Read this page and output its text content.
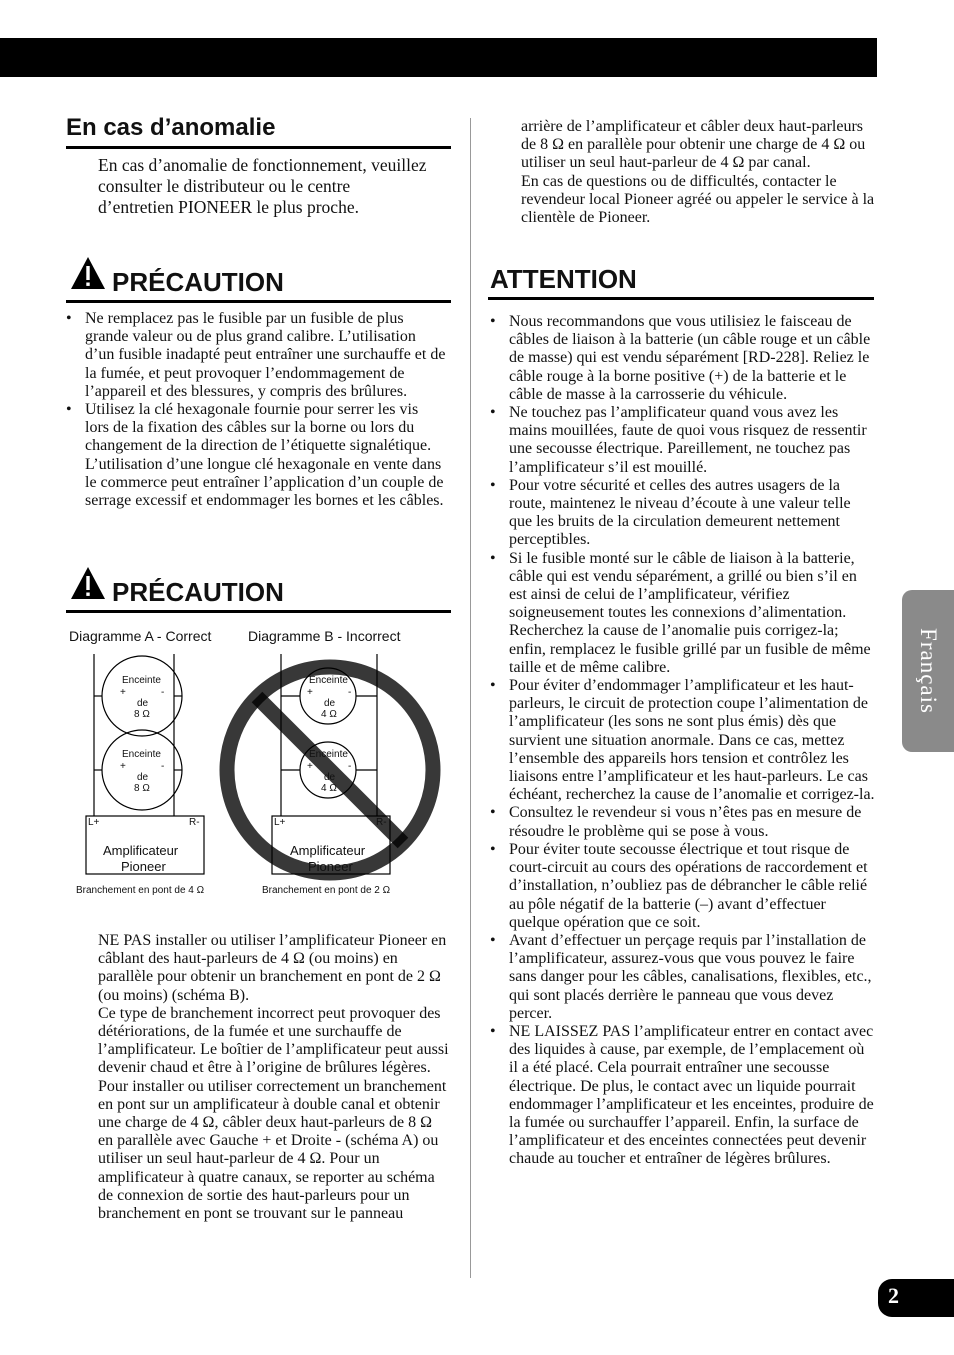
En cas d’anomalie

En cas d’anomalie de fonctionnement, veuillez consulter le distributeur ou le centre d’entretien PIONEER le plus proche.

PRÉCAUTION
• Ne remplacez pas le fusible par un fusible de plus grande valeur ou de plus grand calibre. L’utilisation d’un fusible inadapté peut entraîner une surchauffe et de la fumée, et peut provoquer l’endommagement de l’appareil et des blessures, y compris des brûlures.
• Utilisez la clé hexagonale fournie pour serrer les vis lors de la fixation des câbles sur la borne ou lors du changement de la direction de l’étiquette signalétique. L’utilisation d’une longue clé hexagonale en vente dans le commerce peut entraîner l’application d’un couple de serrage excessif et endommager les bornes et les câbles.
PRÉCAUTION
Diagramme A - Correct	Diagramme B - Incorrect
Enceinte
+	-
de
8 Ω
Enceinte
+	-
de
8 Ω
L+	R-
Amplificateur
Pioneer
Branchement en pont de 4 Ω
Enceinte
+	-
de
4 Ω
Enceinte
+	-
de
4 Ω
L+	R-
Amplificateur
Pioneer
Branchement en pont de 2 Ω

NE PAS installer ou utiliser l’amplificateur Pioneer en câblant des haut-parleurs de 4 Ω (ou moins) en parallèle pour obtenir un branchement en pont de 2 Ω (ou moins) (schéma B).
Ce type de branchement incorrect peut provoquer des détériorations, de la fumée et une surchauffe de l’amplificateur. Le boîtier de l’amplificateur peut aussi devenir chaud et être à l’origine de brûlures légères.
Pour installer ou utiliser correctement un branchement en pont sur un amplificateur à double canal et obtenir une charge de 4 Ω, câbler deux haut-parleurs de 8 Ω en parallèle avec Gauche + et Droite - (schéma A) ou utiliser un seul haut-parleur de 4 Ω. Pour un amplificateur à quatre canaux, se reporter au schéma de connexion de sortie des haut-parleurs pour un branchement en pont se trouvant sur le panneau

arrière de l’amplificateur et câbler deux haut-parleurs de 8 Ω en parallèle pour obtenir une charge de 4 Ω ou utiliser un seul haut-parleur de 4 Ω par canal.
En cas de questions ou de difficultés, contacter le revendeur local Pioneer agréé ou appeler le service à la clientèle de Pioneer.

ATTENTION
• Nous recommandons que vous utilisiez le faisceau de câbles de liaison à la batterie (un câble rouge et un câble de masse) qui est vendu séparément [RD-228]. Reliez le câble rouge à la borne positive (+) de la batterie et le câble de masse à la carrosserie du véhicule.
• Ne touchez pas l’amplificateur quand vous avez les mains mouillées, faute de quoi vous risquez de ressentir une secousse électrique. Pareillement, ne touchez pas l’amplificateur s’il est mouillé.
• Pour votre sécurité et celles des autres usagers de la route, maintenez le niveau d’écoute à une valeur telle que les bruits de la circulation demeurent nettement perceptibles.
• Si le fusible monté sur le câble de liaison à la batterie, câble qui est vendu séparément, a grillé ou bien s’il en est ainsi de celui de l’amplificateur, vérifiez soigneusement toutes les connexions d’alimentation. Recherchez la cause de l’anomalie puis corrigez-la; enfin, remplacez le fusible grillé par un fusible de même taille et de même calibre.
• Pour éviter d’endommager l’amplificateur et les haut-parleurs, le circuit de protection coupe l’alimentation de l’amplificateur (les sons ne sont plus émis) dès que survient une situation anormale. Dans ce cas, mettez l’ensemble des appareils hors tension et contrôlez les liaisons entre l’amplificateur et les haut-parleurs. Le cas échéant, recherchez la cause de l’anomalie et corrigez-la.
• Consultez le revendeur si vous n’êtes pas en mesure de résoudre le problème qui se pose à vous.
• Pour éviter toute secousse électrique et tout risque de court-circuit au cours des opérations de raccordement et d’installation, n’oubliez pas de débrancher le câble relié au pôle négatif de la batterie (–) avant d’effectuer quelque opération que ce soit.
• Avant d’effectuer un perçage requis par l’installation de l’amplificateur, assurez-vous que vous pouvez le faire sans danger pour les câbles, canalisations, flexibles, etc., qui sont placés derrière le panneau que vous devez percer.
• NE LAISSEZ PAS l’amplificateur entrer en contact avec des liquides à cause, par exemple, de l’emplacement où il a été placé. Cela pourrait entraîner une secousse électrique. De plus, le contact avec un liquide pourrait endommager l’amplificateur et les enceintes, produire de la fumée ou surchauffer l’appareil. Enfin, la surface de l’amplificateur et des enceintes connectées peut devenir chaude au toucher et entraîner de légères brûlures.
Français
2
